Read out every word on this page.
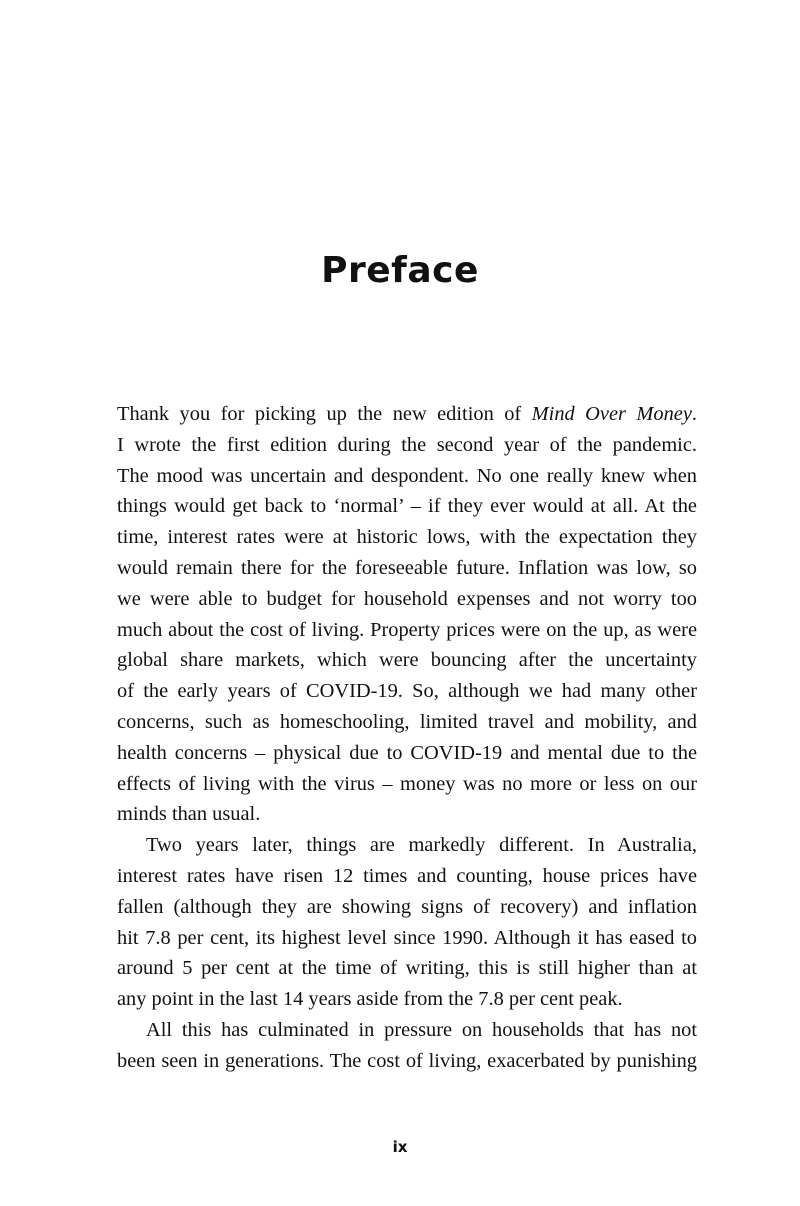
Preface
Thank you for picking up the new edition of Mind Over Money.
I wrote the first edition during the second year of the pandemic.
The mood was uncertain and despondent. No one really knew when
things would get back to ‘normal’ – if they ever would at all. At the
time, interest rates were at historic lows, with the expectation they
would remain there for the foreseeable future. Inflation was low, so
we were able to budget for household expenses and not worry too
much about the cost of living. Property prices were on the up, as were
global share markets, which were bouncing after the uncertainty
of the early years of COVID-19. So, although we had many other
concerns, such as homeschooling, limited travel and mobility, and
health concerns – physical due to COVID-19 and mental due to the
effects of living with the virus – money was no more or less on our
minds than usual.
Two years later, things are markedly different. In Australia,
interest rates have risen 12 times and counting, house prices have
fallen (although they are showing signs of recovery) and inflation
hit 7.8 per cent, its highest level since 1990. Although it has eased to
around 5 per cent at the time of writing, this is still higher than at
any point in the last 14 years aside from the 7.8 per cent peak.
All this has culminated in pressure on households that has not
been seen in generations. The cost of living, exacerbated by punishing
ix
